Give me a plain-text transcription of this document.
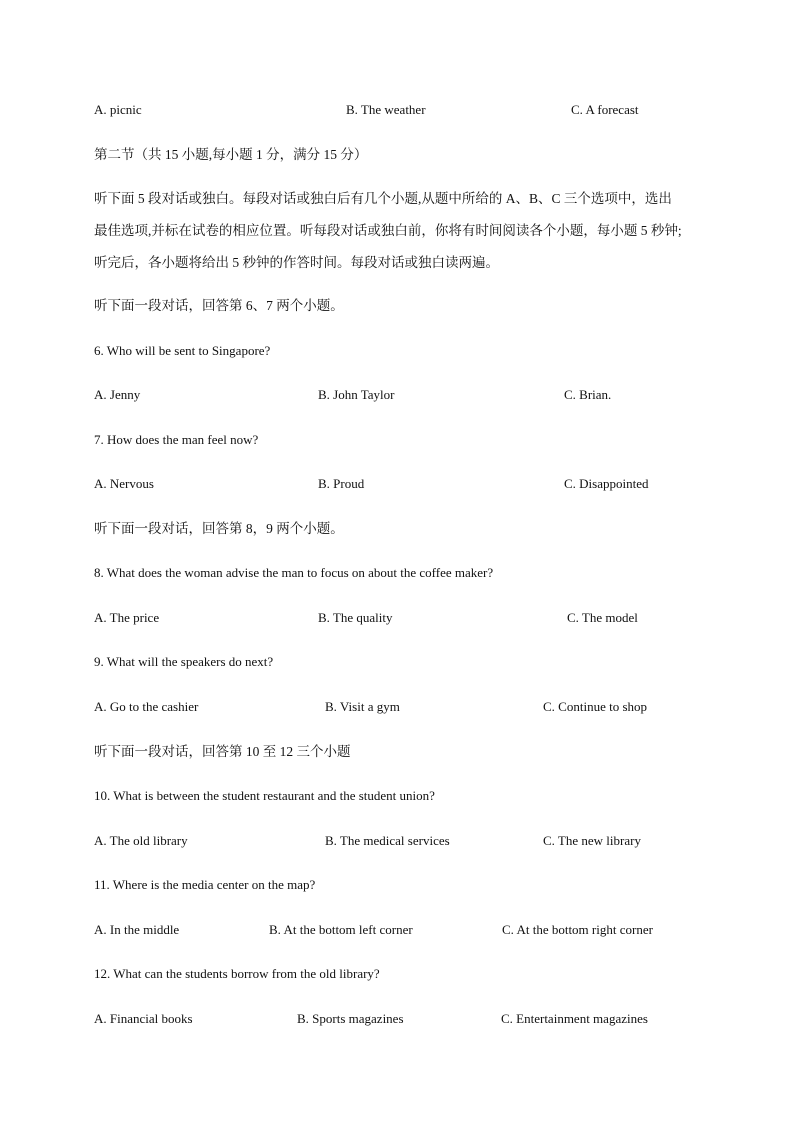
A. picnic	B. The weather	C. A forecast
第二节（共 15 小题,每小题 1 分，满分 15 分）
听下面 5 段对话或独白。每段对话或独白后有几个小题,从题中所给的 A、B、C 三个选项中，选出
最佳选项,并标在试卷的相应位置。听每段对话或独白前，你将有时间阅读各个小题，每小题 5 秒钟;
听完后，各小题将给出 5 秒钟的作答时间。每段对话或独白读两遍。
听下面一段对话，回答第 6、7 两个小题。
6. Who will be sent to Singapore?
A. Jenny	B. John Taylor	C. Brian.
7. How does the man feel now?
A. Nervous	B. Proud	C. Disappointed
听下面一段对话，回答第 8，9 两个小题。
8. What does the woman advise the man to focus on about the coffee maker?
A. The price	B. The quality	C. The model
9. What will the speakers do next?
A. Go to the cashier	B. Visit a gym	C. Continue to shop
听下面一段对话，回答第 10 至 12 三个小题
10. What is between the student restaurant and the student union?
A. The old library	B. The medical services	C. The new library
11. Where is the media center on the map?
A. In the middle	B. At the bottom left corner	C. At the bottom right corner
12. What can the students borrow from the old library?
A. Financial books	B. Sports magazines	C. Entertainment magazines
